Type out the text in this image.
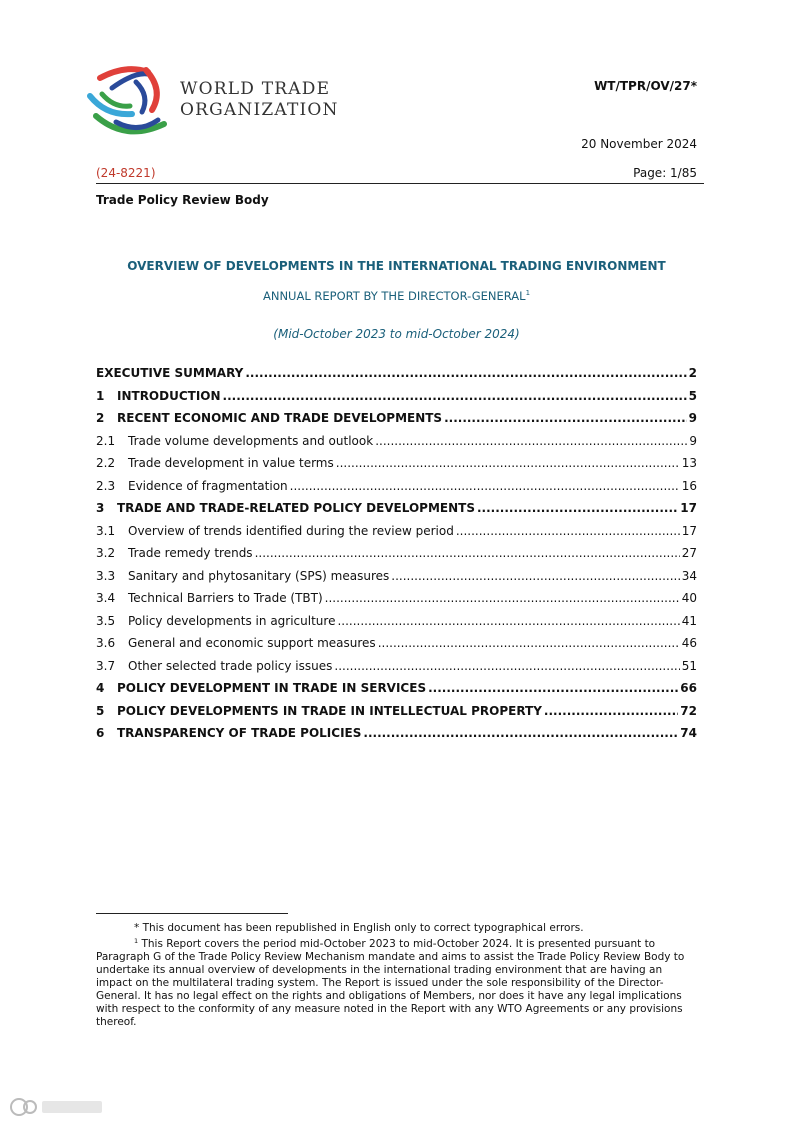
WORLD TRADE
ORGANIZATION
WT/TPR/OV/27*
20 November 2024
(24-8221)	Page: 1/85
Trade Policy Review Body
OVERVIEW OF DEVELOPMENTS IN THE INTERNATIONAL TRADING ENVIRONMENT
ANNUAL REPORT BY THE DIRECTOR-GENERAL$^1$
(Mid-October 2023 to mid-October 2024)
EXECUTIVE SUMMARY .....	2
1	INTRODUCTION .....	5
2	RECENT ECONOMIC AND TRADE DEVELOPMENTS .....	9
2.1	Trade volume developments and outlook .....	9
2.2	Trade development in value terms .....	13
2.3	Evidence of fragmentation .....	16
3	TRADE AND TRADE-RELATED POLICY DEVELOPMENTS .....	17
3.1	Overview of trends identified during the review period .....	17
3.2	Trade remedy trends .....	27
3.3	Sanitary and phytosanitary (SPS) measures .....	34
3.4	Technical Barriers to Trade (TBT) .....	40
3.5	Policy developments in agriculture .....	41
3.6	General and economic support measures .....	46
3.7	Other selected trade policy issues .....	51
4	POLICY DEVELOPMENT IN TRADE IN SERVICES .....	66
5	POLICY DEVELOPMENTS IN TRADE IN INTELLECTUAL PROPERTY .....	72
6	TRANSPARENCY OF TRADE POLICIES .....	74
* This document has been republished in English only to correct typographical errors.
$^1$ This Report covers the period mid-October 2023 to mid-October 2024. It is presented pursuant to Paragraph G of the Trade Policy Review Mechanism mandate and aims to assist the Trade Policy Review Body to undertake its annual overview of developments in the international trading environment that are having an impact on the multilateral trading system. The Report is issued under the sole responsibility of the Director-General. It has no legal effect on the rights and obligations of Members, nor does it have any legal implications with respect to the conformity of any measure noted in the Report with any WTO Agreements or any provisions thereof.
